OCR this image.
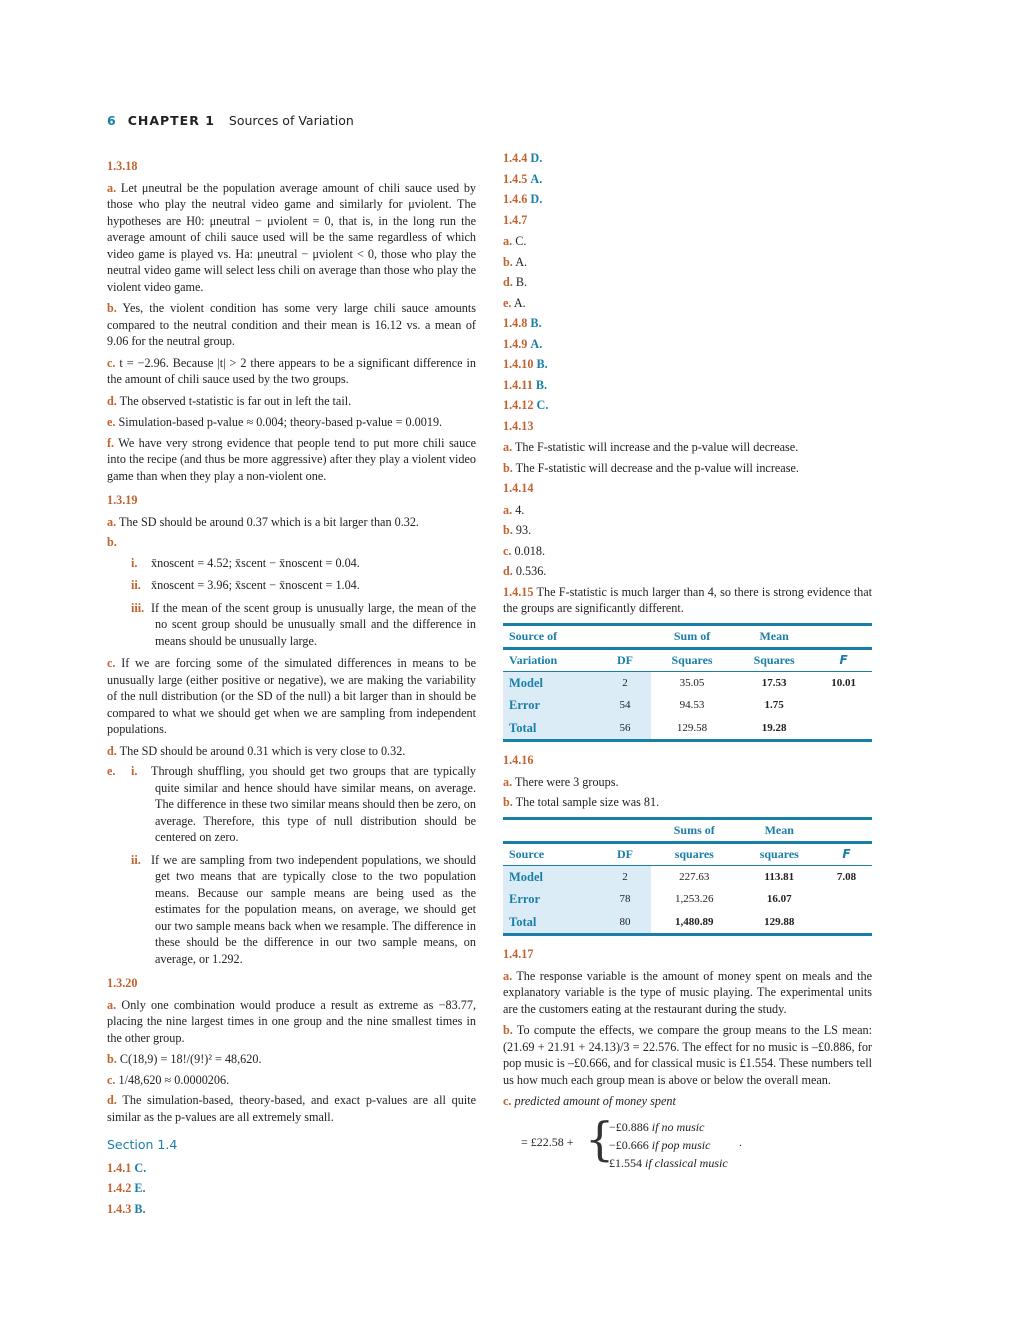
6 CHAPTER 1 Sources of Variation
1.3.18

a. Let μneutral be the population average amount of chili sauce used by those who play the neutral video game and similarly for μviolent. The hypotheses are H0: μneutral − μviolent = 0, that is, in the long run the average amount of chili sauce used will be the same regardless of which video game is played vs. Ha: μneutral − μviolent < 0, those who play the neutral video game will select less chili on average than those who play the violent video game.

b. Yes, the violent condition has some very large chili sauce amounts compared to the neutral condition and their mean is 16.12 vs. a mean of 9.06 for the neutral group.

c. t = −2.96. Because |t| > 2 there appears to be a significant difference in the amount of chili sauce used by the two groups.

d. The observed t-statistic is far out in left the tail.

e. Simulation-based p-value ≈ 0.004; theory-based p-value = 0.0019.

f. We have very strong evidence that people tend to put more chili sauce into the recipe (and thus be more aggressive) after they play a violent video game than when they play a non-violent one.

1.3.19

a. The SD should be around 0.37 which is a bit larger than 0.32.

b.

i. x̄noscent = 4.52; x̄scent − x̄noscent = 0.04.
ii. x̄noscent = 3.96; x̄scent − x̄noscent = 1.04.
iii. If the mean of the scent group is unusually large, the mean of the no scent group should be unusually small and the difference in means should be unusually large.

c. If we are forcing some of the simulated differences in means to be unusually large (either positive or negative), we are making the variability of the null distribution (or the SD of the null) a bit larger than in should be compared to what we should get when we are sampling from independent populations.

d. The SD should be around 0.31 which is very close to 0.32.

e. i. Through shuffling, you should get two groups that are typically quite similar and hence should have similar means, on average. The difference in these two similar means should then be zero, on average. Therefore, this type of null distribution should be centered on zero.
ii. If we are sampling from two independent populations, we should get two means that are typically close to the two population means. Because our sample means are being used as the estimates for the population means, on average, we should get our two sample means back when we resample. The difference in these should be the difference in our two sample means, on average, or 1.292.
1.3.20

a. Only one combination would produce a result as extreme as −83.77, placing the nine largest times in one group and the nine smallest times in the other group.

b. C(18,9) = 18!/(9!)² = 48,620.

c. 1/48,620 ≈ 0.0000206.

d. The simulation-based, theory-based, and exact p-values are all quite similar as the p-values are all extremely small.

Section 1.4
1.4.1 C.
1.4.2 E.
1.4.3 B.
1.4.4 D.
1.4.5 A.
1.4.6 D.
1.4.7
a. C.
b. A.
d. B.
e. A.
1.4.8 B.
1.4.9 A.
1.4.10 B.
1.4.11 B.
1.4.12 C.
1.4.13

a. The F-statistic will increase and the p-value will decrease.

b. The F-statistic will decrease and the p-value will increase.

1.4.14
a. 4.
b. 93.
c. 0.018.
d. 0.536.

1.4.15 The F-statistic is much larger than 4, so there is strong evidence that the groups are significantly different.

Source of		Sum of	Mean	
Variation	DF	Squares	Squares	F
Model	2	35.05	17.53	10.01
Error	54	94.53	1.75	
Total	56	129.58	19.28	
1.4.16

a. There were 3 groups.

b. The total sample size was 81.

		Sums of	Mean	
Source	DF	squares	squares	F
Model	2	227.63	113.81	7.08
Error	78	1,253.26	16.07	
Total	80	1,480.89	129.88	
1.4.17

a. The response variable is the amount of money spent on meals and the explanatory variable is the type of music playing. The experimental units are the customers eating at the restaurant during the study.

b. To compute the effects, we compare the group means to the LS mean: (21.69 + 21.91 + 24.13)/3 = 22.576. The effect for no music is –£0.886, for pop music is –£0.666, and for classical music is £1.554. These numbers tell us how much each group mean is above or below the overall mean.

c. predicted amount of money spent

= £22.58 + {
−£0.886 if no music
−£0.666 if pop music
£1.554 if classical music
.
